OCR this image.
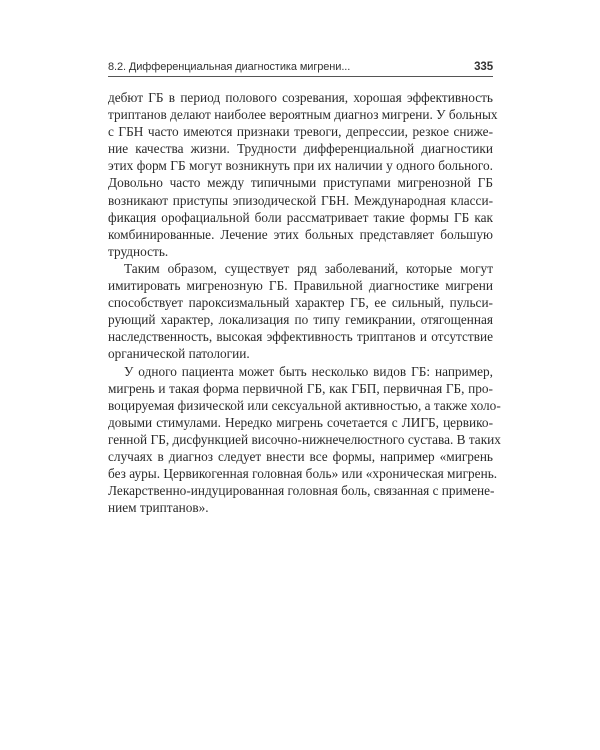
8.2. Дифференциальная диагностика мигрени...	335
дебют ГБ в период полового созревания, хорошая эффективность
триптанов делают наиболее вероятным диагноз мигрени. У больных
с ГБН часто имеются признаки тревоги, депрессии, резкое сниже-
ние качества жизни. Трудности дифференциальной диагностики
этих форм ГБ могут возникнуть при их наличии у одного больного.
Довольно часто между типичными приступами мигренозной ГБ
возникают приступы эпизодической ГБН. Международная класси-
фикация орофациальной боли рассматривает такие формы ГБ как
комбинированные. Лечение этих больных представляет большую
трудность.
Таким образом, существует ряд заболеваний, которые могут
имитировать мигренозную ГБ. Правильной диагностике мигрени
способствует пароксизмальный характер ГБ, ее сильный, пульси-
рующий характер, локализация по типу гемикрании, отягощенная
наследственность, высокая эффективность триптанов и отсутствие
органической патологии.
У одного пациента может быть несколько видов ГБ: например,
мигрень и такая форма первичной ГБ, как ГБП, первичная ГБ, про-
воцируемая физической или сексуальной активностью, а также холо-
довыми стимулами. Нередко мигрень сочетается с ЛИГБ, цервико-
генной ГБ, дисфункцией височно-нижнечелюстного сустава. В таких
случаях в диагноз следует внести все формы, например «мигрень
без ауры. Цервикогенная головная боль» или «хроническая мигрень.
Лекарственно-индуцированная головная боль, связанная с примене-
нием триптанов».
